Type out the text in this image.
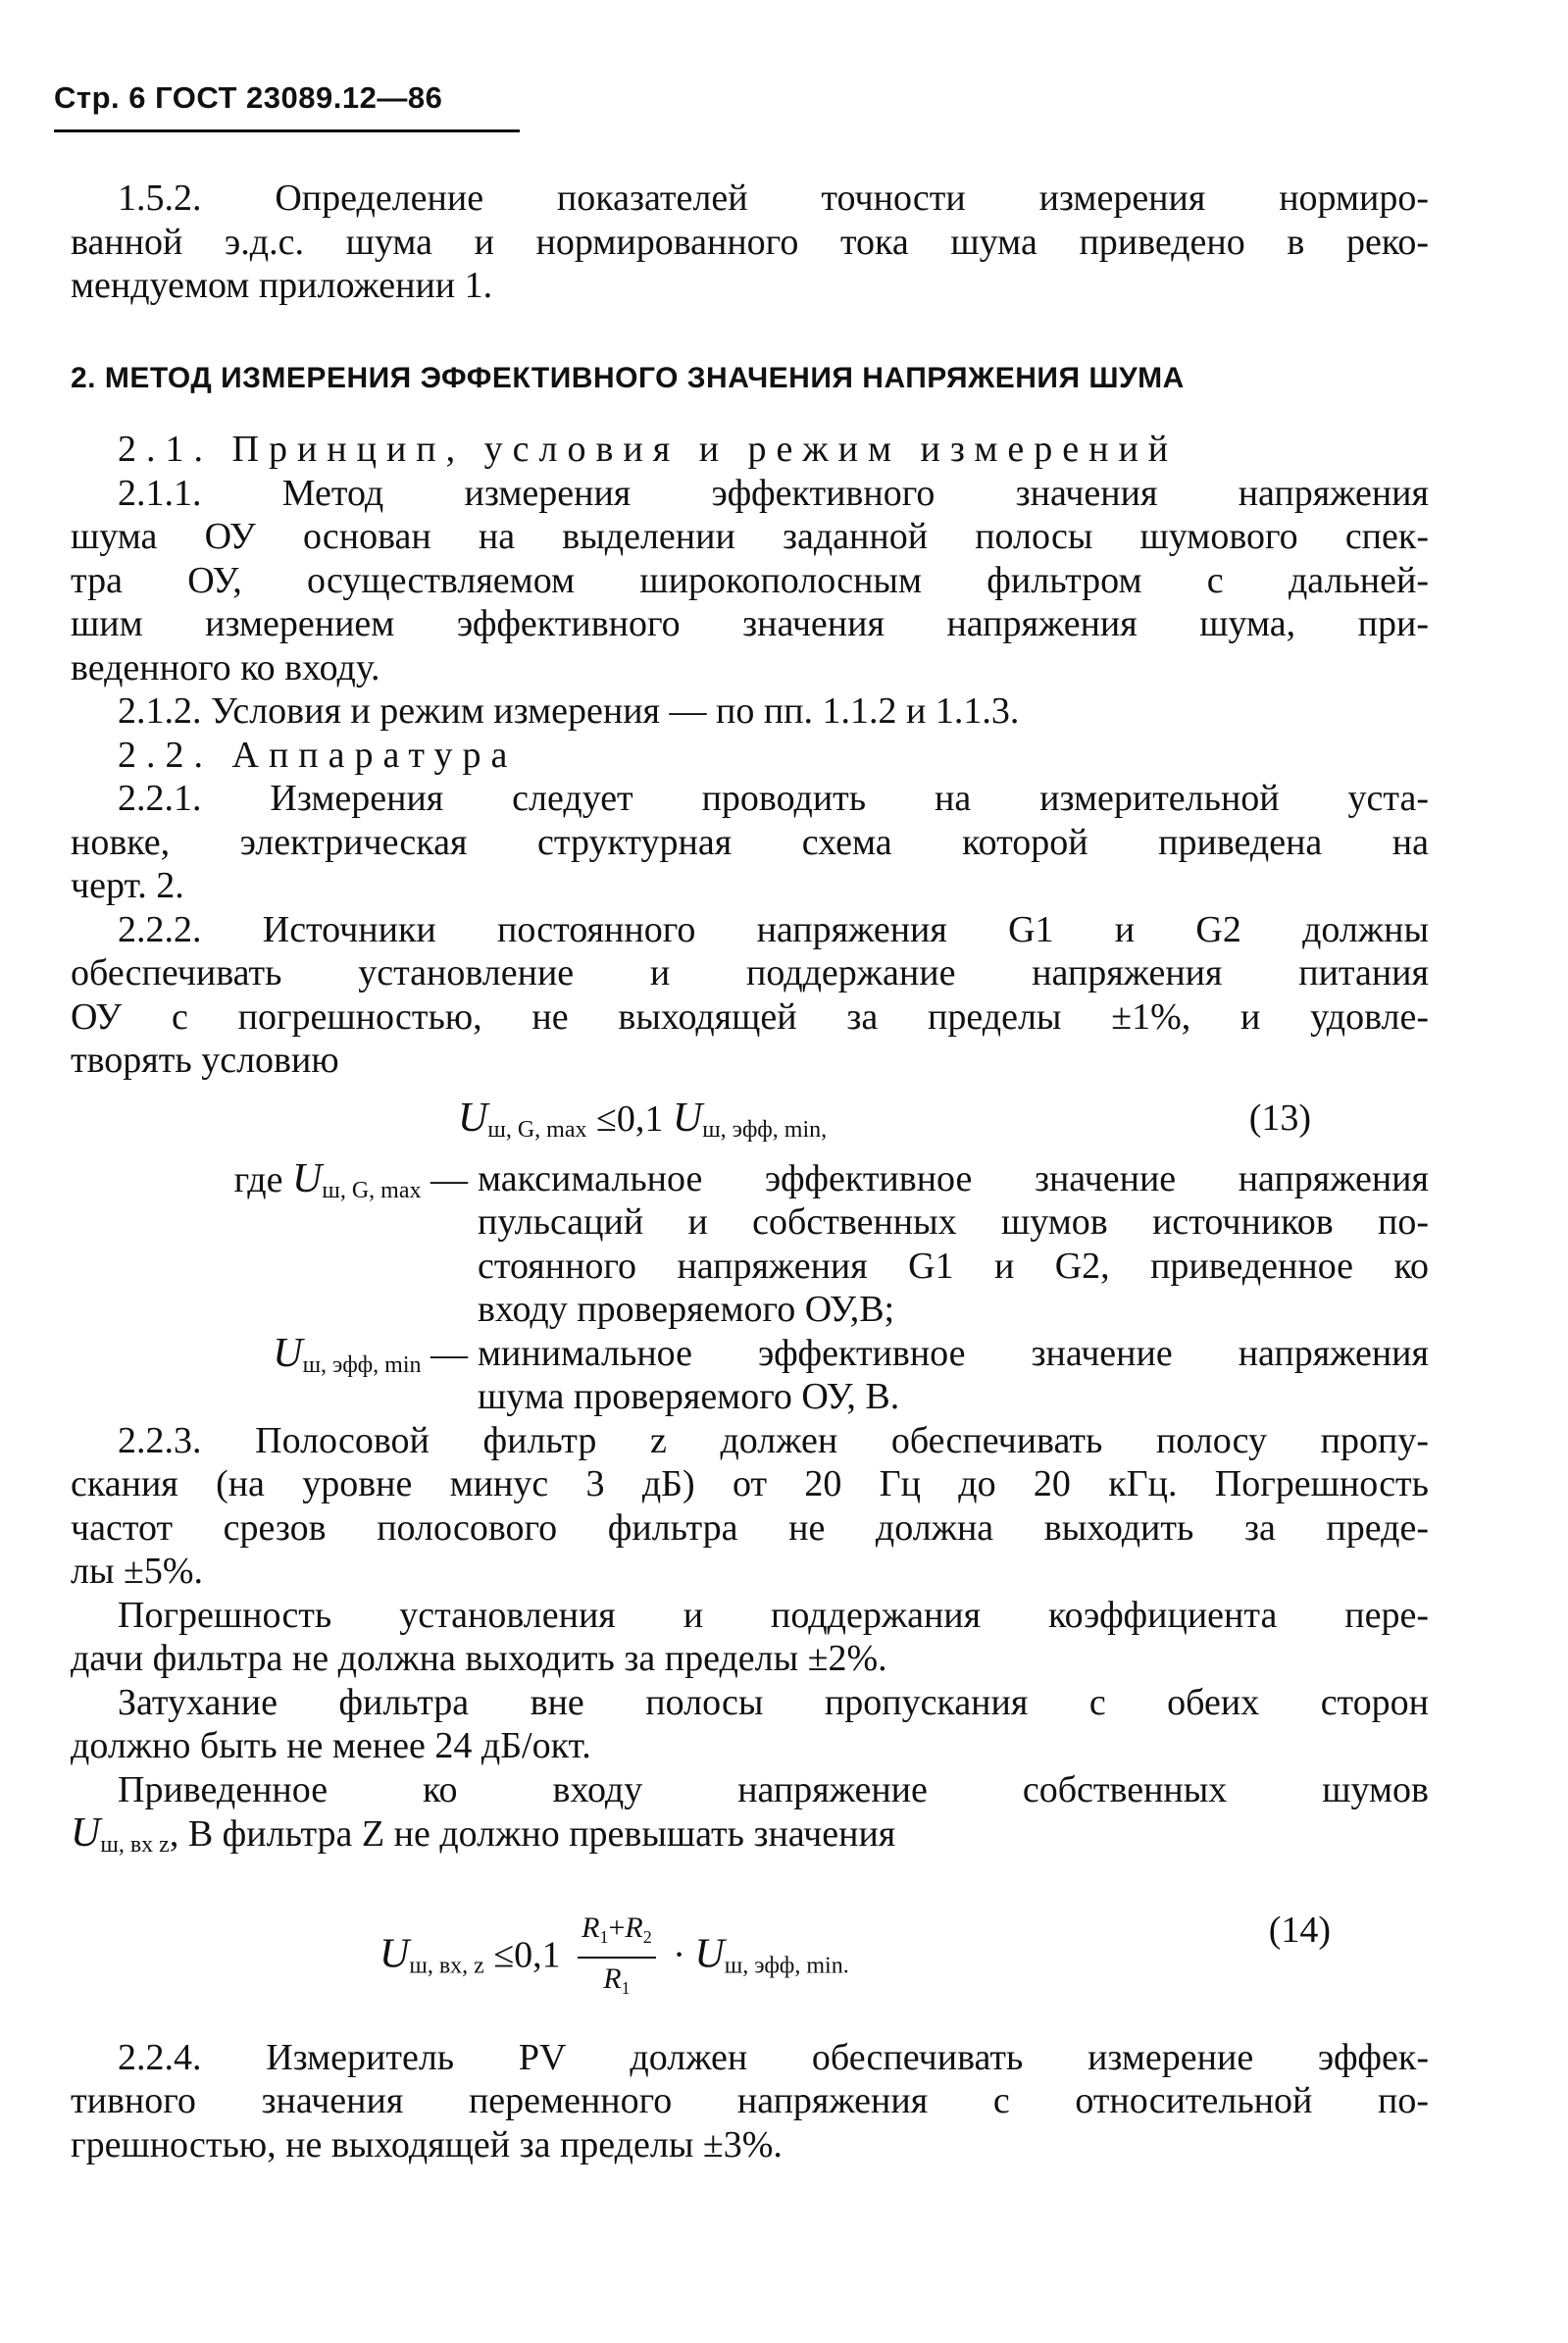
Стр. 6 ГОСТ 23089.12—86

1.5.2. Определение показателей точности измерения нормиро-

ванной э.д.с. шума и нормированного тока шума приведено в реко-

мендуемом приложении 1.

2. МЕТОД ИЗМЕРЕНИЯ ЭФФЕКТИВНОГО ЗНАЧЕНИЯ НАПРЯЖЕНИЯ ШУМА

2.1. Принцип, условия и режим измерений

2.1.1. Метод измерения эффективного значения напряжения

шума ОУ основан на выделении заданной полосы шумового спек-

тра ОУ, осуществляемом широкополосным фильтром с дальней-

шим измерением эффективного значения напряжения шума, при-

веденного ко входу.

2.1.2. Условия и режим измерения — по пп. 1.1.2 и 1.1.3.

2.2. Аппаратура

2.2.1. Измерения следует проводить на измерительной уста-

новке, электрическая структурная схема которой приведена на

черт. 2.

2.2.2. Источники постоянного напряжения G1 и G2 должны

обеспечивать установление и поддержание напряжения питания

ОУ с погрешностью, не выходящей за пределы ±1%, и удовле-

творять условию

$U_{ш, G, max} \le 0,1$ $U_{ш, эфф, min,}$	(13)
где $U_{ш, G, max}$ — максимальное эффективное значение напряжения

пульсаций и собственных шумов источников по-

стоянного напряжения G1 и G2, приведенное ко

входу проверяемого ОУ,В;

$U_{ш, эфф, min}$ — минимальное эффективное значение напряжения

шума проверяемого ОУ, В.

2.2.3. Полосовой фильтр z должен обеспечивать полосу пропу-

скания (на уровне минус 3 дБ) от 20 Гц до 20 кГц. Погрешность

частот срезов полосового фильтра не должна выходить за преде-

лы ±5%.

Погрешность установления и поддержания коэффициента пере-

дачи фильтра не должна выходить за пределы ±2%.

Затухание фильтра вне полосы пропускания с обеих сторон

должно быть не менее 24 дБ/окт.

Приведенное ко входу напряжение собственных шумов

$U_{ш, вх z}$, В фильтра Z не должно превышать значения

$U_{ш, вх, z} \le 0,1 \frac{R_1+R_2}{R_1} \cdot U_{ш, эфф, min.}$
(14)

2.2.4. Измеритель PV должен обеспечивать измерение эффек-

тивного значения переменного напряжения с относительной по-

грешностью, не выходящей за пределы ±3%.
